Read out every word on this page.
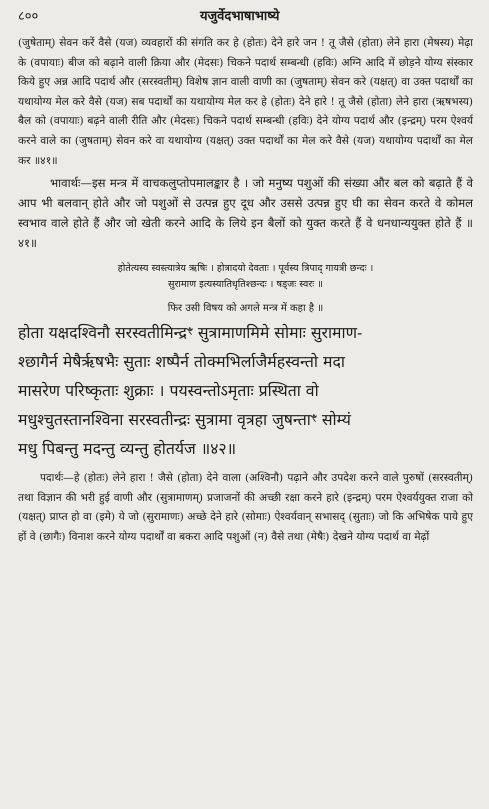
८००	यजुर्वेदभाषाभाष्ये

(जुषेताम्) सेवन करें वैसे (यज) व्यवहारों की संगति कर हे (होतः) देने हारे जन ! तू जैसे (होता) लेने हारा (मेषस्य) मेढ़ा के (वपायाः) बीज को बढ़ाने वाली क्रिया और (मेदसः) चिकने पदार्थ सम्बन्धी (हविः) अग्नि आदि में छोड़ने योग्य संस्कार किये हुए अन्न आदि पदार्थ और (सरस्वतीम्) विशेष ज्ञान वाली वाणी का (जुषताम्) सेवन करे (यक्षत्) वा उक्त पदार्थों का यथायोग्य मेल करे वैसे (यज) सब पदार्थों का यथायोग्य मेल कर हे (होतः) देने हारे ! तू जैसे (होता) लेने हारा (ऋषभस्य) बैल को (वपायाः) बढ़ने वाली रीति और (मेदसः) चिकने पदार्थ सम्बन्धी (हविः) देने योग्य पदार्थ और (इन्द्रम्) परम ऐश्वर्य करने वाले का (जुषताम्) सेवन करे वा यथायोग्य (यक्षत्) उक्त पदार्थों का मेल करे वैसे (यज) यथायोग्य पदार्थों का मेल कर ॥४१॥

भावार्थः—इस मन्त्र में वाचकलुप्तोपमालङ्कार है । जो मनुष्य पशुओं की संख्या और बल को बढ़ाते हैं वे आप भी बलवान् होते और जो पशुओं से उत्पन्न हुए दूध और उससे उत्पन्न हुए घी का सेवन करते वे कोमल स्वभाव वाले होते हैं और जो खेती करने आदि के लिये इन बैलों को युक्त करते हैं वे धनधान्ययुक्त होते हैं ॥४१॥

होतेत्यस्य स्वस्त्यात्रेय ऋषिः । होत्रादयो देवताः । पूर्वस्य त्रिपाद् गायत्री छन्दः ।
सुरामाण इत्यस्यातिधृतिश्छन्दः । षड्जः स्वरः ॥

फिर उसी विषय को अगले मन्त्र में कहा है ॥

होता यक्षदश्विनौ सरस्वतीमिन्द्रꣳ सुत्रामाणमिमे सोमाः सुरामाण-
श्छागैर्न मेषैर्ऋषभैः सुताः शष्पैर्न तोक्मभिर्लाजैर्महस्वन्तो मदा
मासरेण परिष्कृताः शुक्राः । पयस्वन्तोऽमृताः प्रस्थिता वो
मधुश्चुतस्तानश्विना सरस्वतीन्द्रः सुत्रामा वृत्रहा जुषन्ताꣳ सोम्यं
मधु पिबन्तु मदन्तु व्यन्तु होतर्यज ॥४२॥

पदार्थः—हे (होतः) लेने हारा ! जैसे (होता) देने वाला (अश्विनौ) पढ़ाने और उपदेश करने वाले पुरुषों (सरस्वतीम्) तथा विज्ञान की भरी हुई वाणी और (सुत्रामाणम्) प्रजाजनों की अच्छी रक्षा करने हारे (इन्द्रम्) परम ऐश्वर्ययुक्त राजा को (यक्षत्) प्राप्त हो वा (इमे) ये जो (सुरामाणः) अच्छे देने हारे (सोमाः) ऐश्वर्यवान् सभासद् (सुताः) जो कि अभिषेक पाये हुए हों वे (छागैः) विनाश करने योग्य पदार्थों वा बकरा आदि पशुओं (न) वैसे तथा (मेषैः) देखने योग्य पदार्थ वा मेढ़ों
